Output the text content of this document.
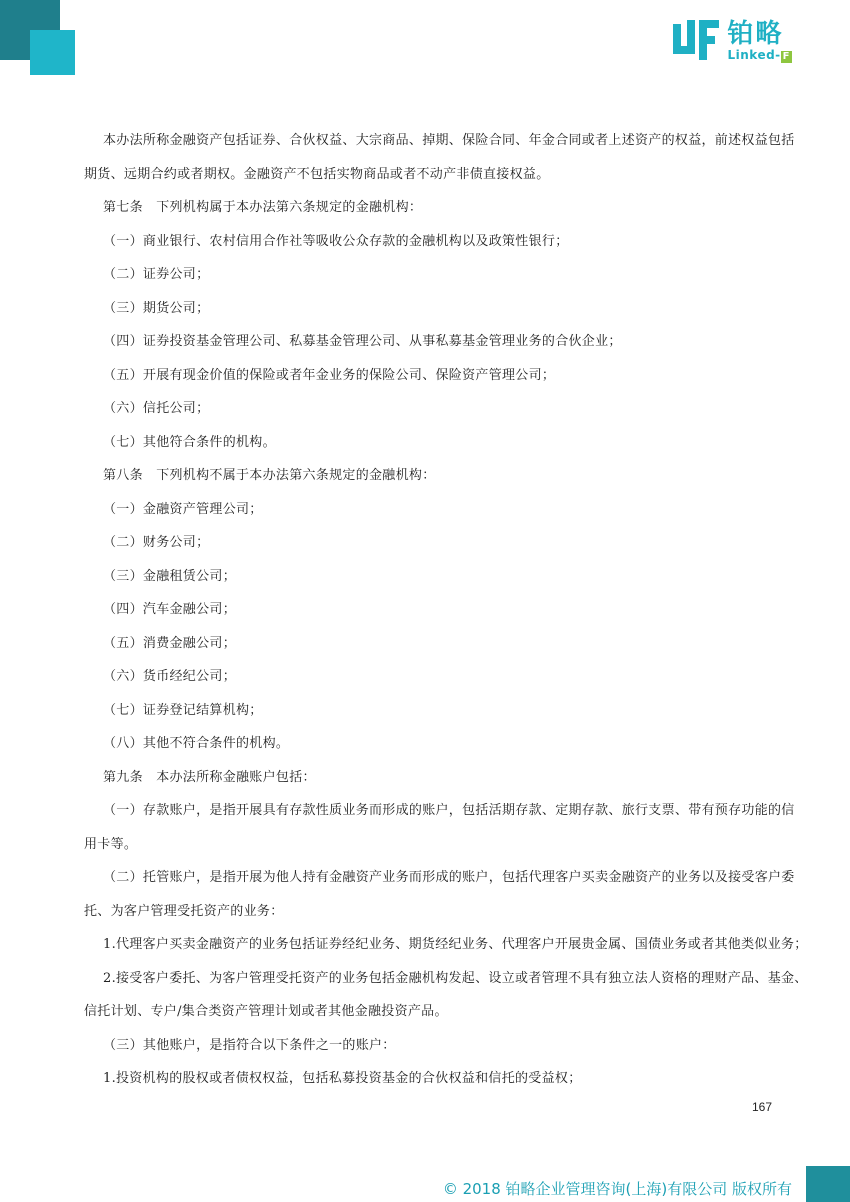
铂略
Linked- F
本办法所称金融资产包括证券、合伙权益、大宗商品、掉期、保险合同、年金合同或者上述资产的权益，前述权益包括
期货、远期合约或者期权。金融资产不包括实物商品或者不动产非债直接权益。
第七条　下列机构属于本办法第六条规定的金融机构：
（一）商业银行、农村信用合作社等吸收公众存款的金融机构以及政策性银行；
（二）证券公司；
（三）期货公司；
（四）证券投资基金管理公司、私募基金管理公司、从事私募基金管理业务的合伙企业；
（五）开展有现金价值的保险或者年金业务的保险公司、保险资产管理公司；
（六）信托公司；
（七）其他符合条件的机构。
第八条　下列机构不属于本办法第六条规定的金融机构：
（一）金融资产管理公司；
（二）财务公司；
（三）金融租赁公司；
（四）汽车金融公司；
（五）消费金融公司；
（六）货币经纪公司；
（七）证券登记结算机构；
（八）其他不符合条件的机构。
第九条　本办法所称金融账户包括：
（一）存款账户，是指开展具有存款性质业务而形成的账户，包括活期存款、定期存款、旅行支票、带有预存功能的信
用卡等。
（二）托管账户，是指开展为他人持有金融资产业务而形成的账户，包括代理客户买卖金融资产的业务以及接受客户委
托、为客户管理受托资产的业务：
1.代理客户买卖金融资产的业务包括证券经纪业务、期货经纪业务、代理客户开展贵金属、国债业务或者其他类似业务；
2.接受客户委托、为客户管理受托资产的业务包括金融机构发起、设立或者管理不具有独立法人资格的理财产品、基金、
信托计划、专户/集合类资产管理计划或者其他金融投资产品。
（三）其他账户，是指符合以下条件之一的账户：
1.投资机构的股权或者债权权益，包括私募投资基金的合伙权益和信托的受益权；
167
© 2018 铂略企业管理咨询(上海)有限公司 版权所有
